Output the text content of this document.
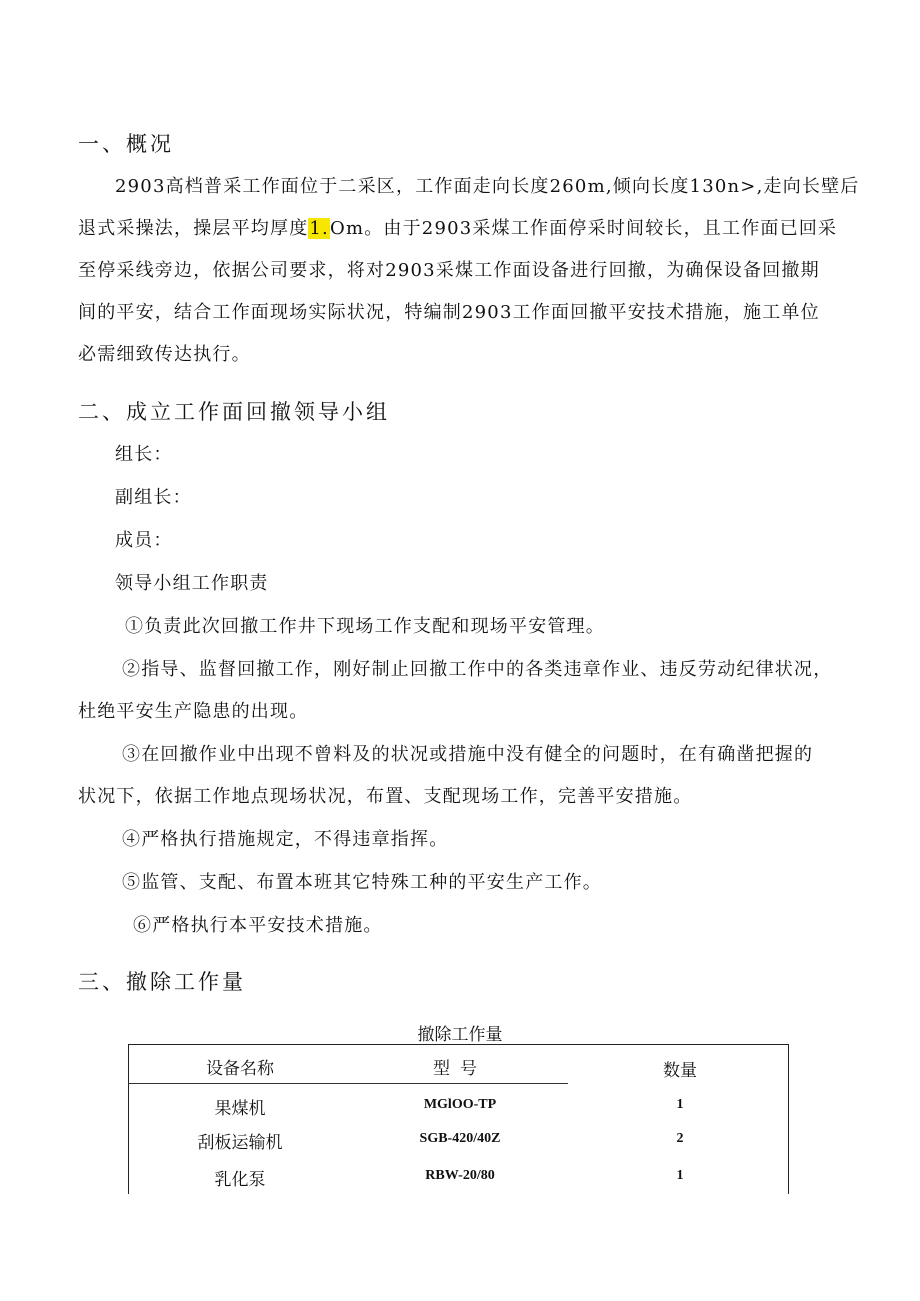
一、概况
2903高档普采工作面位于二采区，工作面走向长度260m,倾向长度130n>,走向长壁后
退式采操法，操层平均厚度1.Om。由于2903采煤工作面停采时间较长，且工作面已回采
至停采线旁边，依据公司要求，将对2903采煤工作面设备进行回撤，为确保设备回撤期
间的平安，结合工作面现场实际状况，特编制2903工作面回撤平安技术措施，施工单位
必需细致传达执行。
二、成立工作面回撤领导小组
组长：
副组长：
成员：
领导小组工作职责
①负责此次回撤工作井下现场工作支配和现场平安管理。
②指导、监督回撤工作，刚好制止回撤工作中的各类违章作业、违反劳动纪律状况，
杜绝平安生产隐患的出现。
③在回撤作业中出现不曾料及的状况或措施中没有健全的问题时，在有确凿把握的
状况下，依据工作地点现场状况，布置、支配现场工作，完善平安措施。
④严格执行措施规定，不得违章指挥。
⑤监管、支配、布置本班其它特殊工种的平安生产工作。
⑥严格执行本平安技术措施。
三、撤除工作量
撤除工作量
设备名称	型号	数量
果煤机	MGlOO-TP	1
刮板运输机	SGB-420/40Z	2
乳化泵	RBW-20/80	1
